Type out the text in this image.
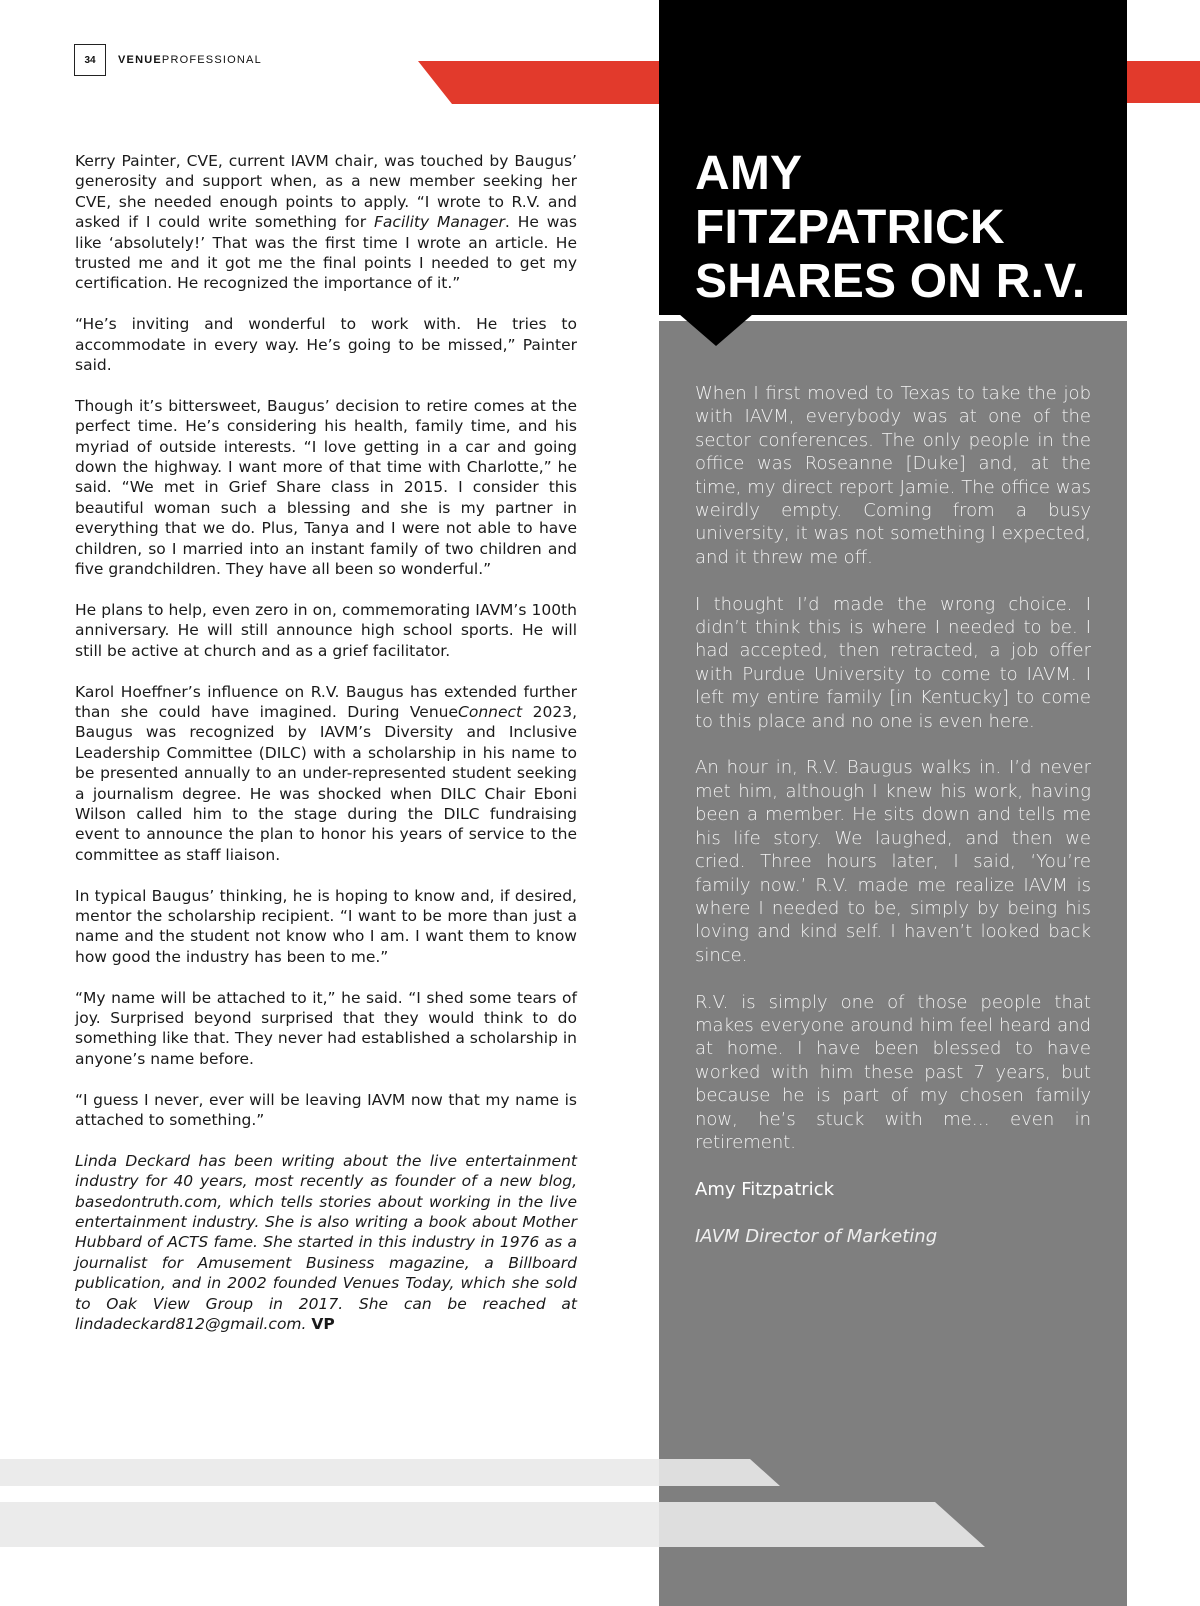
34	VENUEPROFESSIONAL
AMY FITZPATRICK
SHARES ON R.V.

When I first moved to Texas to take the job with IAVM, everybody was at one of the sector conferences. The only people in the office was Roseanne [Duke] and, at the time, my direct report Jamie. The office was weirdly empty. Coming from a busy university, it was not something I expected, and it threw me off.

I thought I’d made the wrong choice. I didn’t think this is where I needed to be. I had accepted, then retracted, a job offer with Purdue University to come to IAVM. I left my entire family [in Kentucky] to come to this place and no one is even here.

An hour in, R.V. Baugus walks in. I’d never met him, although I knew his work, having been a member. He sits down and tells me his life story. We laughed, and then we cried. Three hours later, I said, ‘You’re family now.’ R.V. made me realize IAVM is where I needed to be, simply by being his loving and kind self. I haven’t looked back since.

R.V. is simply one of those people that makes everyone around him feel heard and at home. I have been blessed to have worked with him these past 7 years, but because he is part of my chosen family now, he’s stuck with me… even in retirement.

Amy Fitzpatrick

IAVM Director of Marketing

Kerry Painter, CVE, current IAVM chair, was touched by Baugus’ generosity and support when, as a new member seeking her CVE, she needed enough points to apply. “I wrote to R.V. and asked if I could write something for Facility Manager. He was like ‘absolutely!’ That was the first time I wrote an article. He trusted me and it got me the final points I needed to get my certification. He recognized the importance of it.”

“He’s inviting and wonderful to work with. He tries to accommodate in every way. He’s going to be missed,” Painter said.

Though it’s bittersweet, Baugus’ decision to retire comes at the perfect time. He’s considering his health, family time, and his myriad of outside interests. “I love getting in a car and going down the highway. I want more of that time with Charlotte,” he said. “We met in Grief Share class in 2015. I consider this beautiful woman such a blessing and she is my partner in everything that we do. Plus, Tanya and I were not able to have children, so I married into an instant family of two children and five grandchildren. They have all been so wonderful.”

He plans to help, even zero in on, commemorating IAVM’s 100th anniversary. He will still announce high school sports. He will still be active at church and as a grief facilitator.

Karol Hoeffner’s influence on R.V. Baugus has extended further than she could have imagined. During VenueConnect 2023, Baugus was recognized by IAVM’s Diversity and Inclusive Leadership Committee (DILC) with a scholarship in his name to be presented annually to an under-represented student seeking a journalism degree. He was shocked when DILC Chair Eboni Wilson called him to the stage during the DILC fundraising event to announce the plan to honor his years of service to the committee as staff liaison.

In typical Baugus’ thinking, he is hoping to know and, if desired, mentor the scholarship recipient. “I want to be more than just a name and the student not know who I am. I want them to know how good the industry has been to me.”

“My name will be attached to it,” he said. “I shed some tears of joy. Surprised beyond surprised that they would think to do something like that. They never had established a scholarship in anyone’s name before.

“I guess I never, ever will be leaving IAVM now that my name is attached to something.”

Linda Deckard has been writing about the live entertainment industry for 40 years, most recently as founder of a new blog, basedontruth.com, which tells stories about working in the live entertainment industry. She is also writing a book about Mother Hubbard of ACTS fame. She started in this industry in 1976 as a journalist for Amusement Business magazine, a Billboard publication, and in 2002 founded Venues Today, which she sold to Oak View Group in 2017. She can be reached at lindadeckard812@gmail.com. VP
